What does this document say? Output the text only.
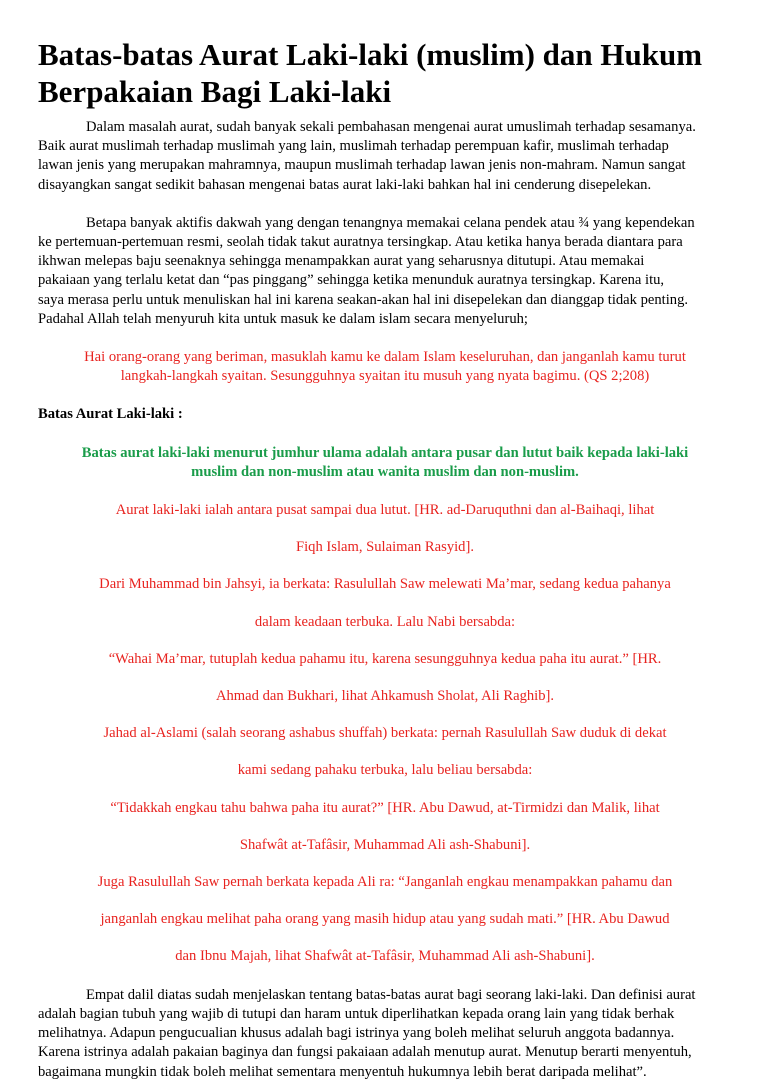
Batas-batas Aurat Laki-laki (muslim) dan Hukum
Berpakaian Bagi Laki-laki

Dalam masalah aurat, sudah banyak sekali pembahasan mengenai aurat umuslimah terhadap sesamanya.
Baik aurat muslimah terhadap muslimah yang lain, muslimah terhadap perempuan kafir, muslimah terhadap
lawan jenis yang merupakan mahramnya, maupun muslimah terhadap lawan jenis non-mahram. Namun sangat
disayangkan sangat sedikit bahasan mengenai batas aurat laki-laki bahkan hal ini cenderung disepelekan.

Betapa banyak aktifis dakwah yang dengan tenangnya memakai celana pendek atau ¾ yang kependekan
ke pertemuan-pertemuan resmi, seolah tidak takut auratnya tersingkap. Atau ketika hanya berada diantara para
ikhwan melepas baju seenaknya sehingga menampakkan aurat yang seharusnya ditutupi. Atau memakai
pakaiaan yang terlalu ketat dan “pas pinggang” sehingga ketika menunduk auratnya tersingkap. Karena itu,
saya merasa perlu untuk menuliskan hal ini karena seakan-akan hal ini disepelekan dan dianggap tidak penting.
Padahal Allah telah menyuruh kita untuk masuk ke dalam islam secara menyeluruh;

Hai orang-orang yang beriman, masuklah kamu ke dalam Islam keseluruhan, dan janganlah kamu turut
langkah-langkah syaitan. Sesungguhnya syaitan itu musuh yang nyata bagimu. (QS 2;208)

Batas Aurat Laki-laki :

Batas aurat laki-laki menurut jumhur ulama adalah antara pusar dan lutut baik kepada laki-laki
muslim dan non-muslim atau wanita muslim dan non-muslim.

Aurat laki-laki ialah antara pusat sampai dua lutut. [HR. ad-Daruquthni dan al-Baihaqi, lihat

Fiqh Islam, Sulaiman Rasyid].

Dari Muhammad bin Jahsyi, ia berkata: Rasulullah Saw melewati Ma’mar, sedang kedua pahanya

dalam keadaan terbuka. Lalu Nabi bersabda:

“Wahai Ma’mar, tutuplah kedua pahamu itu, karena sesungguhnya kedua paha itu aurat.” [HR.

Ahmad dan Bukhari, lihat Ahkamush Sholat, Ali Raghib].

Jahad al-Aslami (salah seorang ashabus shuffah) berkata: pernah Rasulullah Saw duduk di dekat

kami sedang pahaku terbuka, lalu beliau bersabda:

“Tidakkah engkau tahu bahwa paha itu aurat?” [HR. Abu Dawud, at-Tirmidzi dan Malik, lihat

Shafwât at-Tafâsir, Muhammad Ali ash-Shabuni].

Juga Rasulullah Saw pernah berkata kepada Ali ra: “Janganlah engkau menampakkan pahamu dan

janganlah engkau melihat paha orang yang masih hidup atau yang sudah mati.” [HR. Abu Dawud

dan Ibnu Majah, lihat Shafwât at-Tafâsir, Muhammad Ali ash-Shabuni].

Empat dalil diatas sudah menjelaskan tentang batas-batas aurat bagi seorang laki-laki. Dan definisi aurat
adalah bagian tubuh yang wajib di tutupi dan haram untuk diperlihatkan kepada orang lain yang tidak berhak
melihatnya. Adapun pengucualian khusus adalah bagi istrinya yang boleh melihat seluruh anggota badannya.
Karena istrinya adalah pakaian baginya dan fungsi pakaiaan adalah menutup aurat. Menutup berarti menyentuh,
bagaimana mungkin tidak boleh melihat sementara menyentuh hukumnya lebih berat daripada melihat”.
